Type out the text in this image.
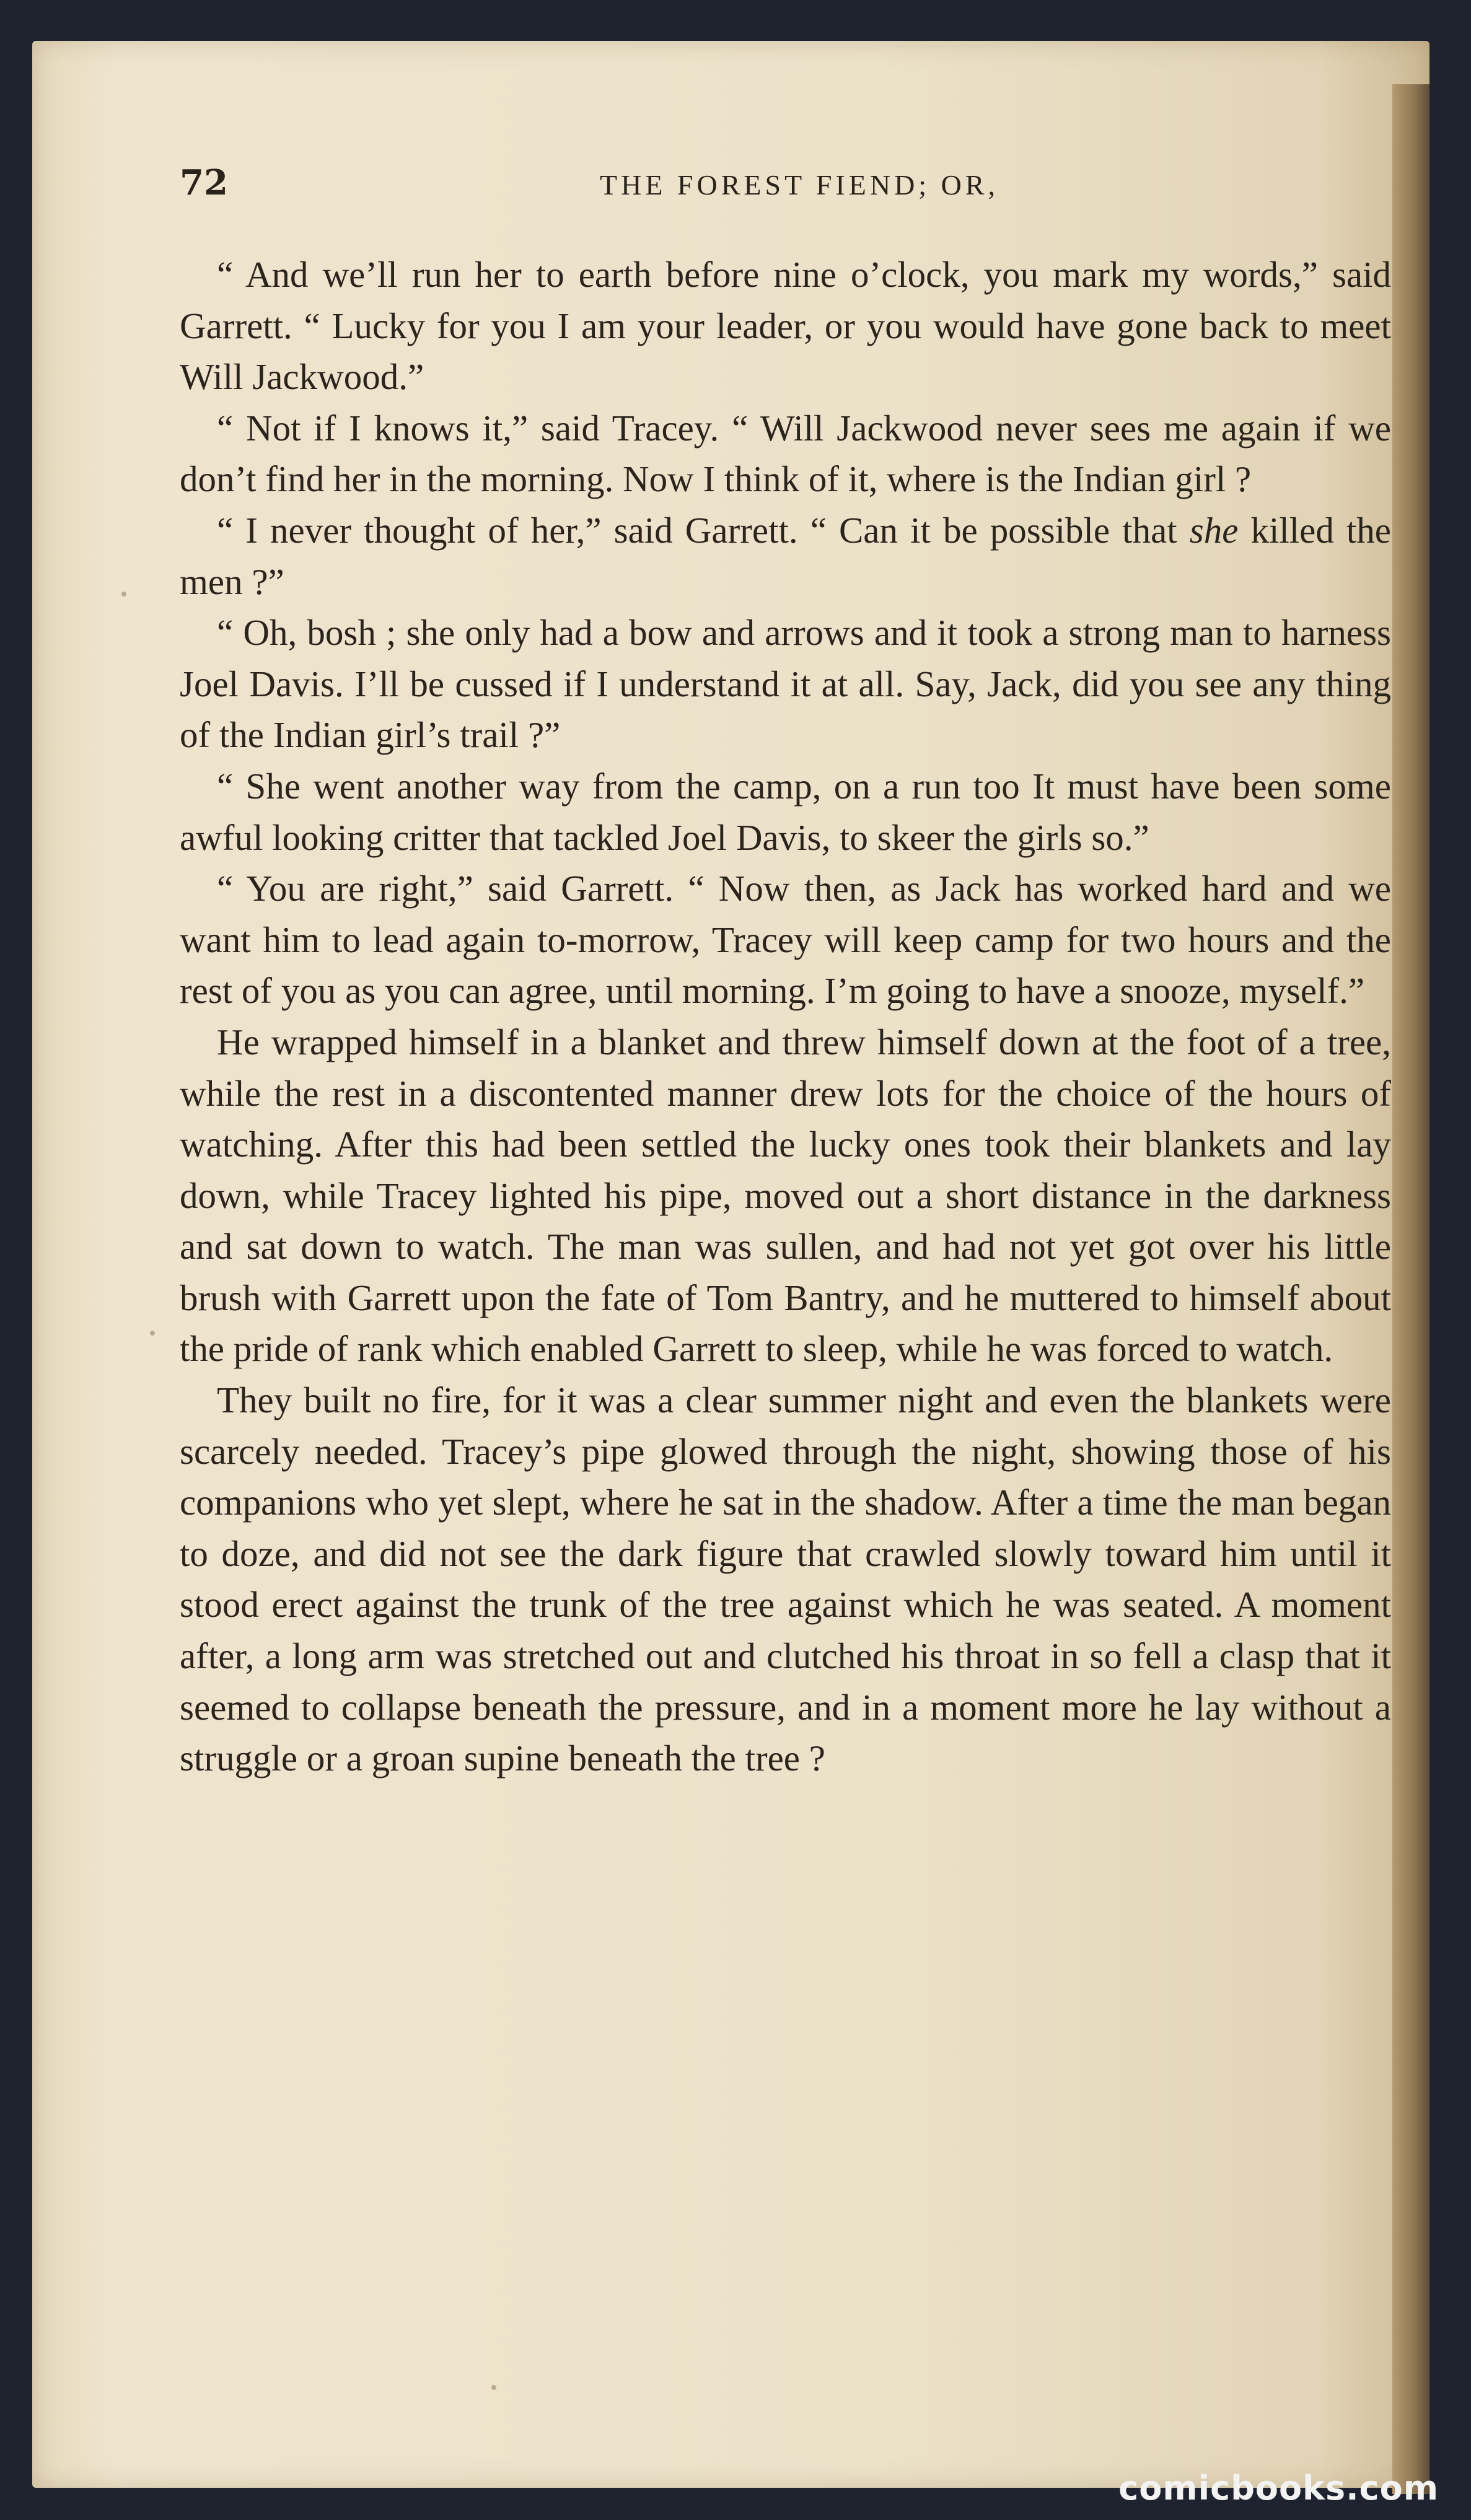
72	THE FOREST FIEND; OR,

“ And we’ll run her to earth before nine o’clock, you mark my words,” said Garrett. “ Lucky for you I am your leader, or you would have gone back to meet Will Jackwood.”

“ Not if I knows it,” said Tracey. “ Will Jackwood never sees me again if we don’t find her in the morning. Now I think of it, where is the Indian girl ?

“ I never thought of her,” said Garrett. “ Can it be possible that she killed the men ?”

“ Oh, bosh ; she only had a bow and arrows and it took a strong man to harness Joel Davis. I’ll be cussed if I understand it at all. Say, Jack, did you see any thing of the Indian girl’s trail ?”

“ She went another way from the camp, on a run too It must have been some awful looking critter that tackled Joel Davis, to skeer the girls so.”

“ You are right,” said Garrett. “ Now then, as Jack has worked hard and we want him to lead again to-morrow, Tracey will keep camp for two hours and the rest of you as you can agree, until morning. I’m going to have a snooze, myself.”

He wrapped himself in a blanket and threw himself down at the foot of a tree, while the rest in a discontented manner drew lots for the choice of the hours of watching. After this had been settled the lucky ones took their blankets and lay down, while Tracey lighted his pipe, moved out a short distance in the darkness and sat down to watch. The man was sullen, and had not yet got over his little brush with Garrett upon the fate of Tom Bantry, and he muttered to himself about the pride of rank which enabled Garrett to sleep, while he was forced to watch.

They built no fire, for it was a clear summer night and even the blankets were scarcely needed. Tracey’s pipe glowed through the night, showing those of his companions who yet slept, where he sat in the shadow. After a time the man began to doze, and did not see the dark figure that crawled slowly toward him until it stood erect against the trunk of the tree against which he was seated. A moment after, a long arm was stretched out and clutched his throat in so fell a clasp that it seemed to collapse beneath the pressure, and in a moment more he lay without a struggle or a groan supine beneath the tree ?

comicbooks.com
